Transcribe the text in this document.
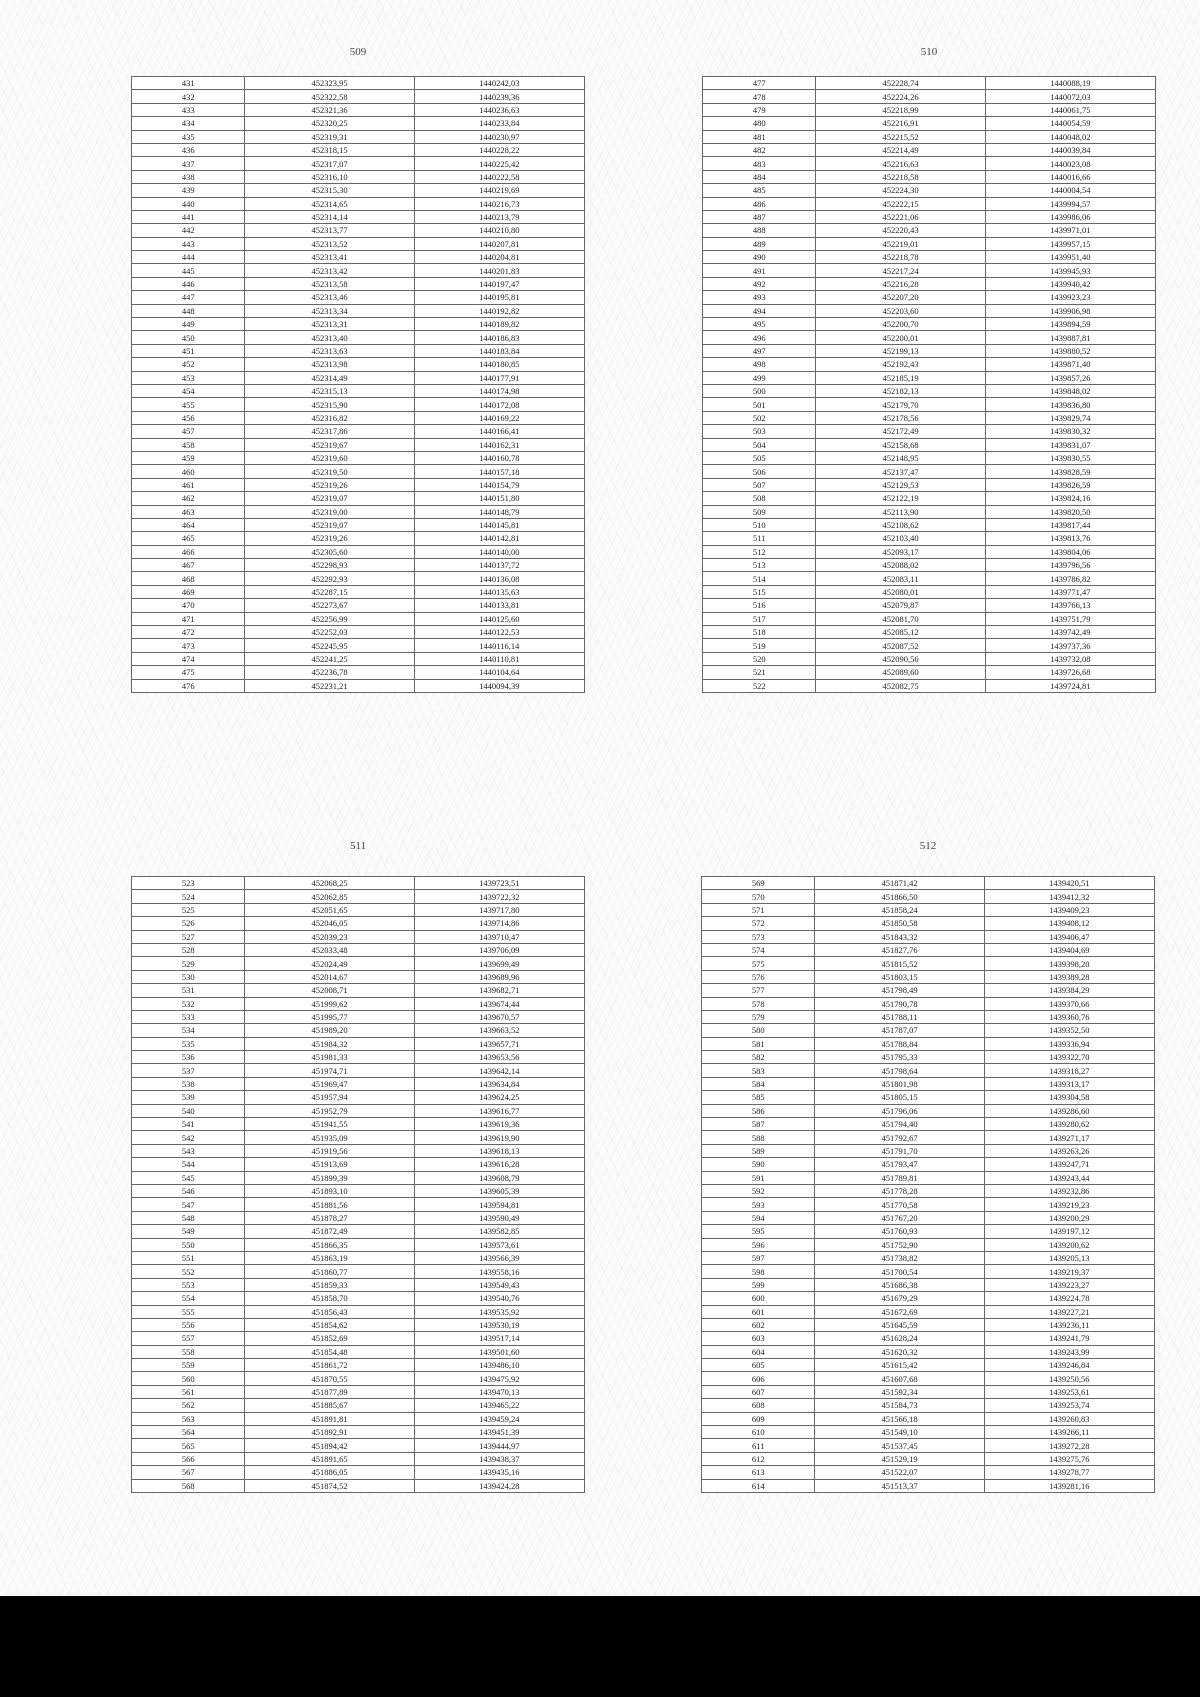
509
431	452323,95	1440242,03
432	452322,58	1440239,36
433	452321,36	1440236,63
434	452320,25	1440233,84
435	452319,31	1440230,97
436	452318,15	1440228,22
437	452317,07	1440225,42
438	452316,10	1440222,58
439	452315,30	1440219,69
440	452314,65	1440216,73
441	452314,14	1440213,79
442	452313,77	1440210,80
443	452313,52	1440207,81
444	452313,41	1440204,81
445	452313,42	1440201,83
446	452313,58	1440197,47
447	452313,46	1440195,81
448	452313,34	1440192,82
449	452313,31	1440189,82
450	452313,40	1440186,83
451	452313,63	1440183,84
452	452313,98	1440180,85
453	452314,49	1440177,91
454	452315,13	1440174,98
455	452315,90	1440172,08
456	452316,82	1440169,22
457	452317,86	1440166,41
458	452319,67	1440162,31
459	452319,60	1440160,78
460	452319,50	1440157,18
461	452319,26	1440154,79
462	452319,07	1440151,80
463	452319,00	1440148,79
464	452319,07	1440145,81
465	452319,26	1440142,81
466	452305,60	1440140,00
467	452298,93	1440137,72
468	452292,93	1440136,08
469	452287,15	1440135,63
470	452273,67	1440133,81
471	452256,99	1440125,60
472	452252,03	1440122,53
473	452245,95	1440116,14
474	452241,25	1440110,81
475	452236,78	1440104,64
476	452231,21	1440094,39
510
477	452228,74	1440088,19
478	452224,26	1440072,03
479	452218,99	1440061,75
480	452216,91	1440054,59
481	452215,52	1440048,02
482	452214,49	1440039,84
483	452216,63	1440023,08
484	452218,58	1440016,66
485	452224,30	1440004,54
486	452222,15	1439994,57
487	452221,06	1439986,06
488	452220,43	1439971,01
489	452219,01	1439957,15
490	452218,78	1439951,40
491	452217,24	1439945,93
492	452216,28	1439940,42
493	452207,20	1439923,23
494	452203,60	1439906,98
495	452200,70	1439894,59
496	452200,01	1439887,81
497	452199,13	1439880,52
498	452192,43	1439871,40
499	452185,19	1439857,26
500	452182,13	1439848,02
501	452179,70	1439836,80
502	452178,56	1439829,74
503	452172,49	1439830,32
504	452158,68	1439831,07
505	452148,95	1439830,55
506	452137,47	1439828,59
507	452129,53	1439826,59
508	452122,19	1439824,16
509	452113,90	1439820,50
510	452108,62	1439817,44
511	452103,40	1439813,76
512	452093,17	1439804,06
513	452088,02	1439796,56
514	452083,11	1439786,82
515	452080,01	1439771,47
516	452079,87	1439766,13
517	452081,70	1439751,79
518	452085,12	1439742,49
519	452087,52	1439737,36
520	452090,56	1439732,08
521	452089,60	1439726,68
522	452082,75	1439724,81
511
523	452068,25	1439723,51
524	452062,85	1439722,32
525	452051,65	1439717,80
526	452046,05	1439714,86
527	452039,23	1439710,47
528	452033,48	1439706,09
529	452024,49	1439699,49
530	452014,67	1439689,96
531	452008,71	1439682,71
532	451999,62	1439674,44
533	451995,77	1439670,57
534	451989,20	1439663,52
535	451984,32	1439657,71
536	451981,33	1439653,56
537	451974,71	1439642,14
538	451969,47	1439634,84
539	451957,94	1439624,25
540	451952,79	1439616,77
541	451941,55	1439619,36
542	451935,09	1439619,90
543	451919,56	1439618,13
544	451913,69	1439616,28
545	451899,39	1439608,79
546	451893,10	1439605,39
547	451881,56	1439594,81
548	451878,27	1439590,49
549	451872,49	1439582,85
550	451866,35	1439573,61
551	451863,19	1439566,39
552	451860,77	1439558,16
553	451859,33	1439549,43
554	451858,70	1439540,76
555	451856,43	1439535,92
556	451854,62	1439530,19
557	451852,69	1439517,14
558	451854,48	1439501,60
559	451861,72	1439486,10
560	451870,55	1439475,92
561	451877,89	1439470,13
562	451885,67	1439465,22
563	451891,81	1439459,24
564	451892,91	1439451,39
565	451894,42	1439444,97
566	451891,65	1439438,37
567	451886,05	1439435,16
568	451874,52	1439424,28
512
569	451871,42	1439420,51
570	451866,50	1439412,32
571	451858,24	1439409,23
572	451850,58	1439408,12
573	451843,32	1439406,47
574	451827,76	1439404,69
575	451815,52	1439398,20
576	451803,15	1439389,28
577	451798,49	1439384,29
578	451790,78	1439370,66
579	451788,11	1439360,76
580	451787,07	1439352,50
581	451788,84	1439336,94
582	451795,33	1439322,70
583	451798,64	1439318,27
584	451801,98	1439313,17
585	451805,15	1439304,58
586	451796,06	1439286,60
587	451794,40	1439280,62
588	451792,67	1439271,17
589	451791,70	1439263,26
590	451793,47	1439247,71
591	451789,81	1439243,44
592	451778,28	1439232,86
593	451770,58	1439219,23
594	451767,20	1439200,29
595	451760,93	1439197,12
596	451752,90	1439200,62
597	451738,82	1439205,13
598	451700,54	1439219,37
599	451686,38	1439223,27
600	451679,29	1439224,78
601	451672,69	1439227,21
602	451645,59	1439236,11
603	451628,24	1439241,79
604	451620,32	1439243,99
605	451615,42	1439246,84
606	451607,68	1439250,56
607	451592,34	1439253,61
608	451584,73	1439253,74
609	451566,18	1439260,83
610	451549,10	1439266,11
611	451537,45	1439272,28
612	451529,19	1439275,76
613	451522,07	1439278,77
614	451513,37	1439281,16
